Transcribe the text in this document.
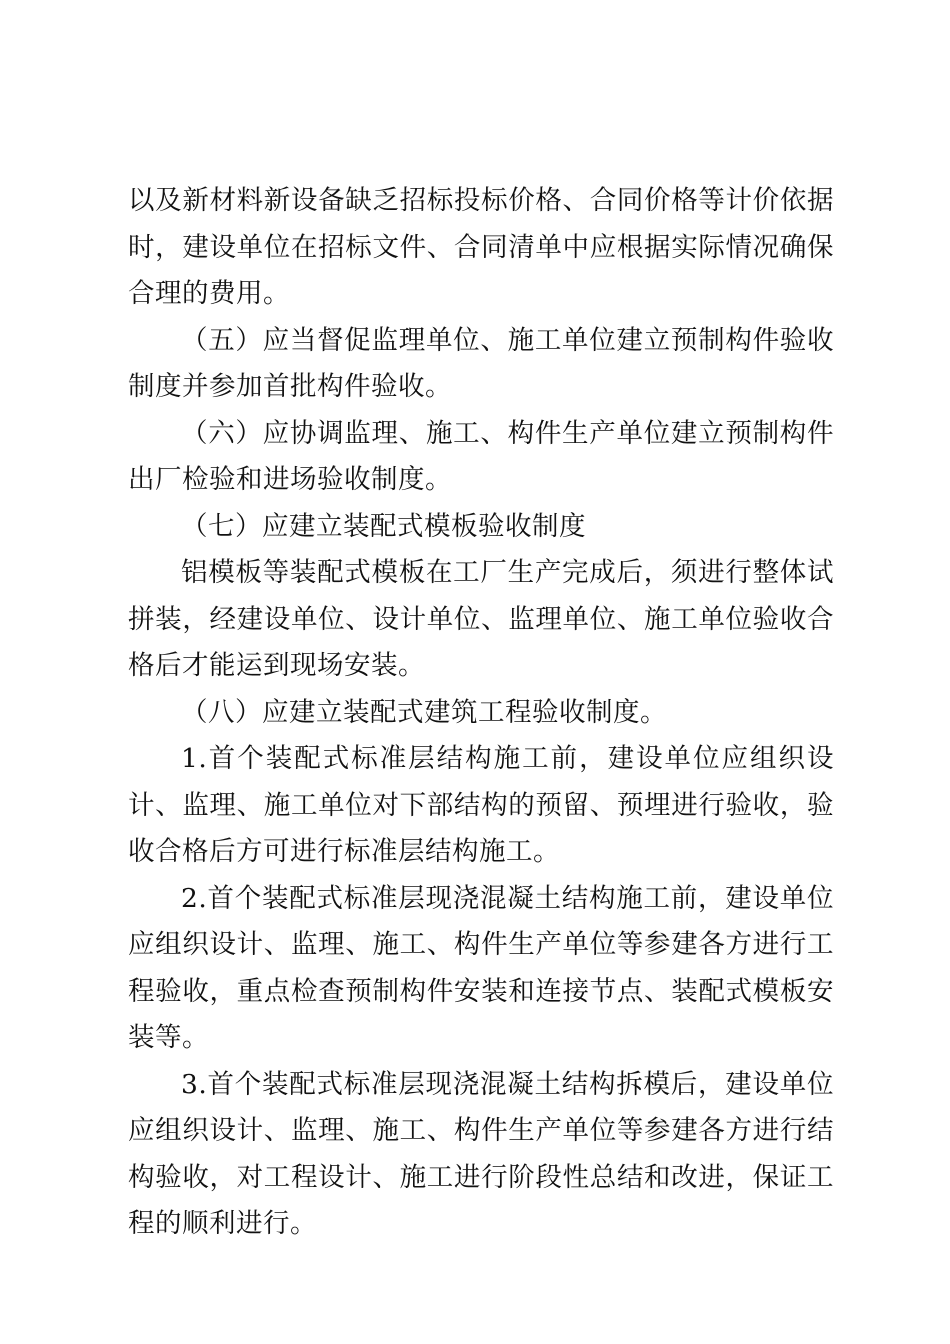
以及新材料新设备缺乏招标投标价格、合同价格等计价依据时，建设单位在招标文件、合同清单中应根据实际情况确保合理的费用。

（五）应当督促监理单位、施工单位建立预制构件验收制度并参加首批构件验收。

（六）应协调监理、施工、构件生产单位建立预制构件出厂检验和进场验收制度。

（七）应建立装配式模板验收制度

铝模板等装配式模板在工厂生产完成后，须进行整体试拼装，经建设单位、设计单位、监理单位、施工单位验收合格后才能运到现场安装。

（八）应建立装配式建筑工程验收制度。

1.首个装配式标准层结构施工前，建设单位应组织设计、监理、施工单位对下部结构的预留、预埋进行验收，验收合格后方可进行标准层结构施工。

2.首个装配式标准层现浇混凝土结构施工前，建设单位应组织设计、监理、施工、构件生产单位等参建各方进行工程验收，重点检查预制构件安装和连接节点、装配式模板安装等。

3.首个装配式标准层现浇混凝土结构拆模后，建设单位应组织设计、监理、施工、构件生产单位等参建各方进行结构验收，对工程设计、施工进行阶段性总结和改进，保证工程的顺利进行。
